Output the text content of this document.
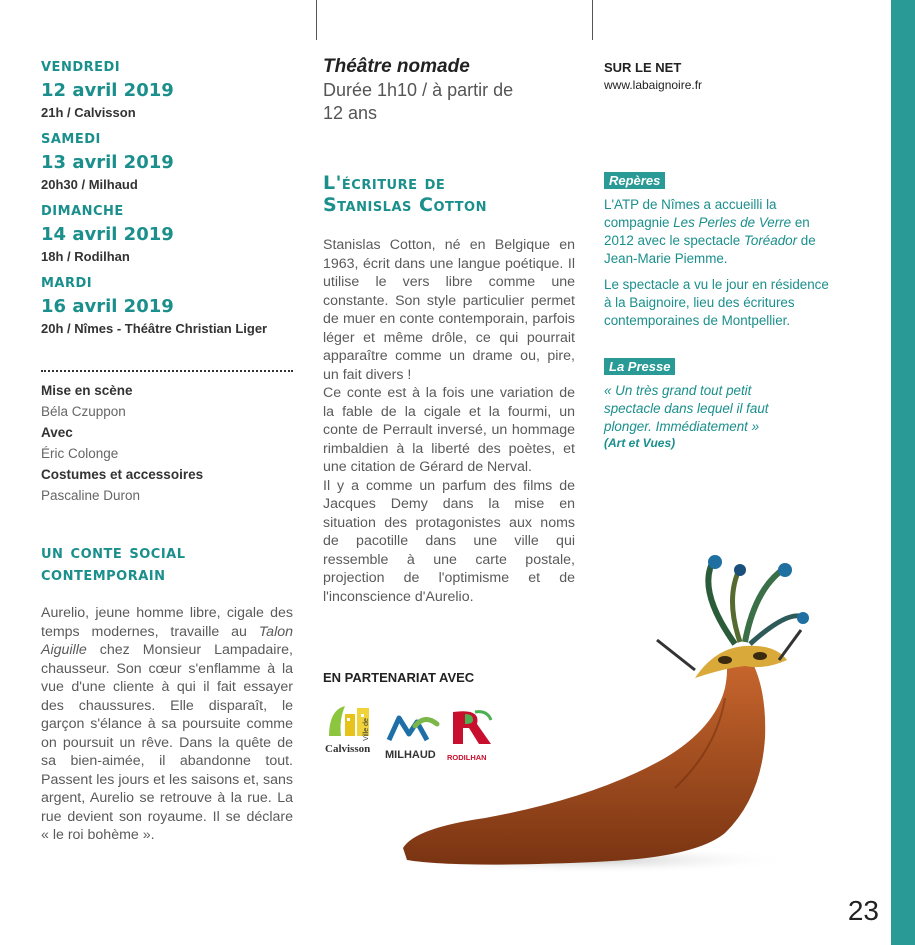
vendredi
12 avril 2019
21h / Calvisson
samedi
13 avril 2019
20h30 / Milhaud
dimanche
14 avril 2019
18h / Rodilhan
mardi
16 avril 2019
20h / Nîmes - Théâtre Christian Liger
Mise en scène
Béla Czuppon
Avec
Éric Colonge
Costumes et accessoires
Pascaline Duron
un conte social
contemporain
Aurelio, jeune homme libre, cigale des temps modernes, travaille au Talon Aiguille chez Monsieur Lampadaire, chausseur. Son cœur s'enflamme à la vue d'une cliente à qui il fait essayer des chaussures. Elle disparaît, le garçon s'élance à sa poursuite comme on poursuit un rêve. Dans la quête de sa bien-aimée, il abandonne tout. Passent les jours et les saisons et, sans argent, Aurelio se retrouve à la rue. La rue devient son royaume. Il se déclare « le roi bohème ».
Théâtre nomade
Durée 1h10 / à partir de 12 ans
L'écriture de
Stanislas Cotton
Stanislas Cotton, né en Belgique en 1963, écrit dans une langue poétique. Il utilise le vers libre comme une constante. Son style particulier permet de muer en conte contemporain, parfois léger et même drôle, ce qui pourrait apparaître comme un drame ou, pire, un fait divers !
Ce conte est à la fois une variation de la fable de la cigale et la fourmi, un conte de Perrault inversé, un hommage rimbaldien à la liberté des poètes, et une citation de Gérard de Nerval.
Il y a comme un parfum des films de Jacques Demy dans la mise en situation des protagonistes aux noms de pacotille dans une ville qui ressemble à une carte postale, projection de l'optimisme et de l'inconscience d'Aurelio.
EN PARTENARIAT AVEC
Ville de
Calvisson	MILHAUD	RODILHAN
SUR LE NET
www.labaignoire.fr
Repères
L'ATP de Nîmes a accueilli la compagnie Les Perles de Verre en 2012 avec le spectacle Toréador de Jean-Marie Piemme.
Le spectacle a vu le jour en résidence à la Baignoire, lieu des écritures contemporaines de Montpellier.
La Presse
« Un très grand tout petit spectacle dans lequel il faut plonger. Immédiatement »
(Art et Vues)
23
